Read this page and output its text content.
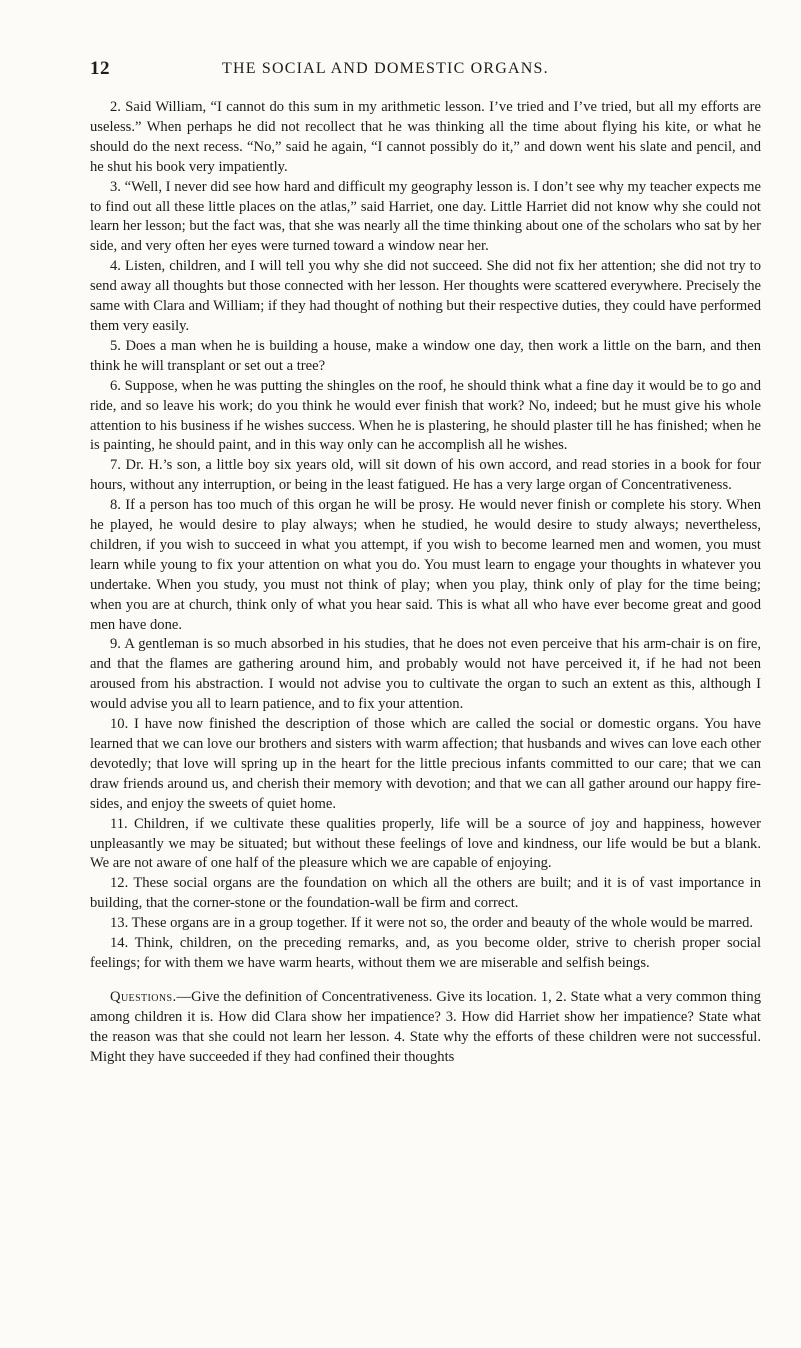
12	THE SOCIAL AND DOMESTIC ORGANS.

2. Said William, “I cannot do this sum in my arithmetic lesson. I’ve tried and I’ve tried, but all my efforts are useless.” When perhaps he did not recollect that he was thinking all the time about flying his kite, or what he should do the next recess. “No,” said he again, “I cannot possibly do it,” and down went his slate and pencil, and he shut his book very impatiently.

3. “Well, I never did see how hard and difficult my geography lesson is. I don’t see why my teacher expects me to find out all these little places on the atlas,” said Harriet, one day. Little Harriet did not know why she could not learn her lesson; but the fact was, that she was nearly all the time thinking about one of the scholars who sat by her side, and very often her eyes were turned toward a window near her.

4. Listen, children, and I will tell you why she did not succeed. She did not fix her attention; she did not try to send away all thoughts but those connected with her lesson. Her thoughts were scattered everywhere. Precisely the same with Clara and William; if they had thought of nothing but their respective duties, they could have performed them very easily.

5. Does a man when he is building a house, make a window one day, then work a little on the barn, and then think he will transplant or set out a tree?

6. Suppose, when he was putting the shingles on the roof, he should think what a fine day it would be to go and ride, and so leave his work; do you think he would ever finish that work? No, indeed; but he must give his whole attention to his business if he wishes success. When he is plastering, he should plaster till he has finished; when he is painting, he should paint, and in this way only can he accomplish all he wishes.

7. Dr. H.’s son, a little boy six years old, will sit down of his own accord, and read stories in a book for four hours, without any interruption, or being in the least fatigued. He has a very large organ of Concentrativeness.

8. If a person has too much of this organ he will be prosy. He would never finish or complete his story. When he played, he would desire to play always; when he studied, he would desire to study always; nevertheless, children, if you wish to succeed in what you attempt, if you wish to become learned men and women, you must learn while young to fix your attention on what you do. You must learn to engage your thoughts in whatever you undertake. When you study, you must not think of play; when you play, think only of play for the time being; when you are at church, think only of what you hear said. This is what all who have ever become great and good men have done.

9. A gentleman is so much absorbed in his studies, that he does not even perceive that his arm-chair is on fire, and that the flames are gathering around him, and probably would not have perceived it, if he had not been aroused from his abstraction. I would not advise you to cultivate the organ to such an extent as this, although I would advise you all to learn patience, and to fix your attention.

10. I have now finished the description of those which are called the social or domestic organs. You have learned that we can love our brothers and sisters with warm affection; that husbands and wives can love each other devotedly; that love will spring up in the heart for the little precious infants committed to our care; that we can draw friends around us, and cherish their memory with devotion; and that we can all gather around our happy fire-sides, and enjoy the sweets of quiet home.

11. Children, if we cultivate these qualities properly, life will be a source of joy and happiness, however unpleasantly we may be situated; but without these feelings of love and kindness, our life would be but a blank. We are not aware of one half of the pleasure which we are capable of enjoying.

12. These social organs are the foundation on which all the others are built; and it is of vast importance in building, that the corner-stone or the foundation-wall be firm and correct.

13. These organs are in a group together. If it were not so, the order and beauty of the whole would be marred.

14. Think, children, on the preceding remarks, and, as you become older, strive to cherish proper social feelings; for with them we have warm hearts, without them we are miserable and selfish beings.

Questions.—Give the definition of Concentrativeness. Give its location. 1, 2. State what a very common thing among children it is. How did Clara show her impatience? 3. How did Harriet show her impatience? State what the reason was that she could not learn her lesson. 4. State why the efforts of these children were not successful. Might they have succeeded if they had confined their thoughts
